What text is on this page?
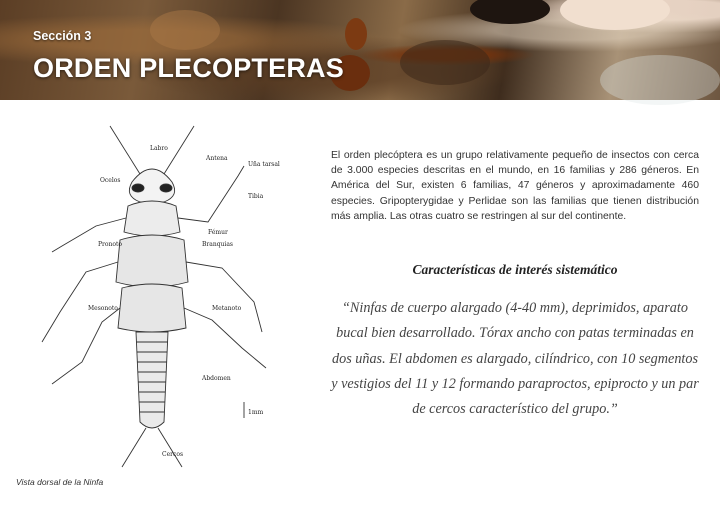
Sección 3
ORDEN PLECOPTERAS
Labro
Antena
Uña tarsal
Ocelos
Tibia
Fémur
Branquias
Pronoto
Mesonoto	Metanoto
Abdomen
1mm
Cercos
Vista dorsal de la Ninfa

El orden plecóptera es un grupo relativamente pequeño de insectos con cerca de 3.000 especies descritas en el mundo, en 16 familias y 286 géneros. En América del Sur, existen 6 familias, 47 géneros y aproximadamente 460 especies. Gripopterygidae y Perlidae son las familias que tienen distribución más amplia. Las otras cuatro se restringen al sur del continente.

Características de interés sistemático

“Ninfas de cuerpo alargado (4-40 mm), deprimidos, aparato bucal bien desarrollado. Tórax ancho con patas terminadas en dos uñas. El abdomen es alargado, cilíndrico, con 10 segmentos y vestigios del 11 y 12 formando paraproctos, epiprocto y un par de cercos característico del grupo.”
